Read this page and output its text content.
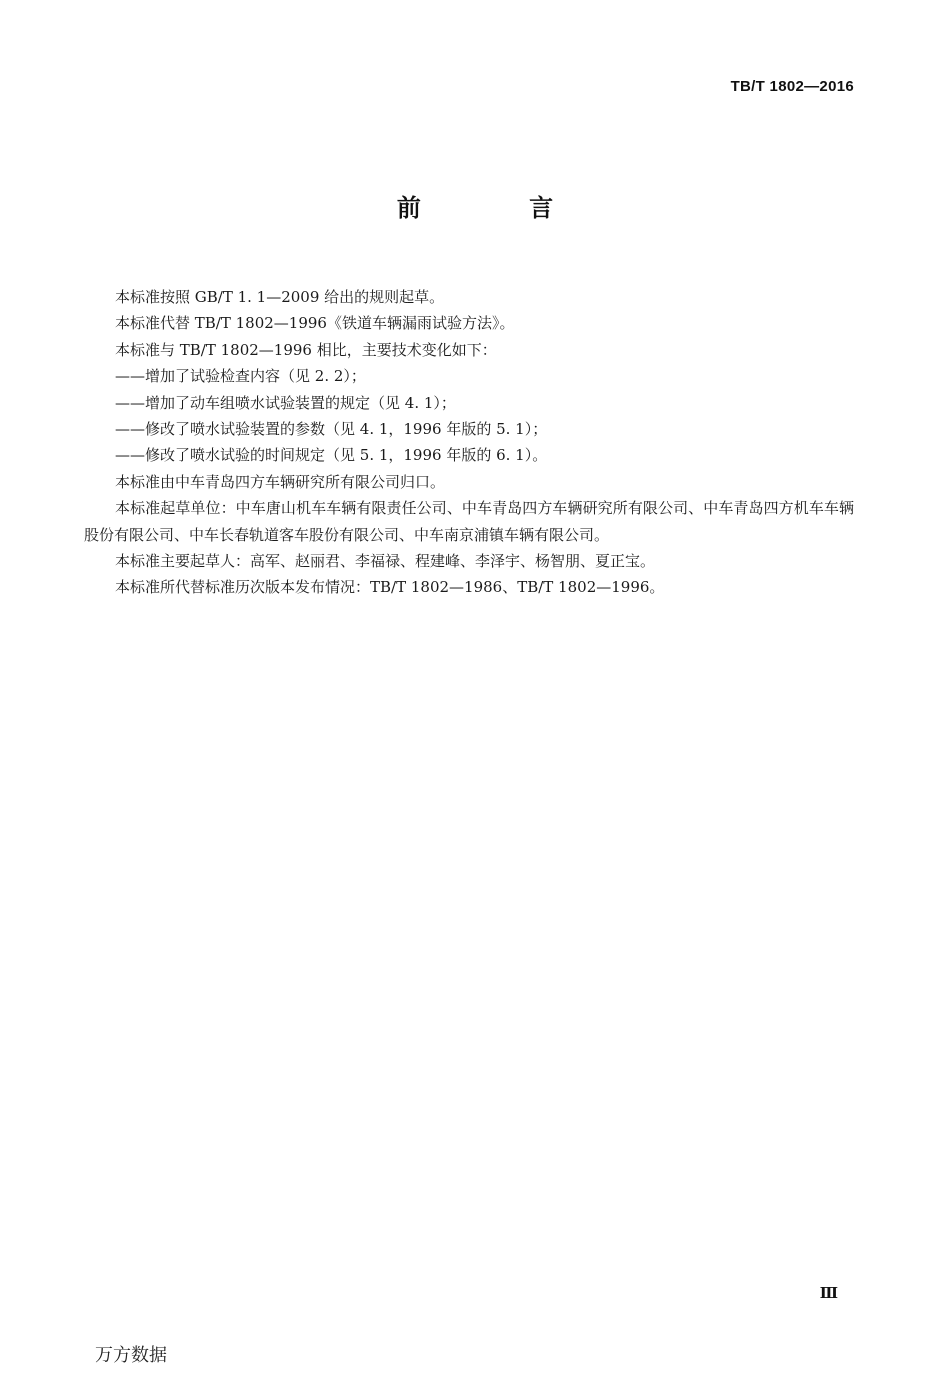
TB/T 1802—2016
前 言

本标准按照 GB/T 1. 1—2009 给出的规则起草。

本标准代替 TB/T 1802—1996《铁道车辆漏雨试验方法》。

本标准与 TB/T 1802—1996 相比，主要技术变化如下：

——增加了试验检查内容（见 2. 2）；

——增加了动车组喷水试验装置的规定（见 4. 1）；

——修改了喷水试验装置的参数（见 4. 1，1996 年版的 5. 1）；

——修改了喷水试验的时间规定（见 5. 1，1996 年版的 6. 1）。

本标准由中车青岛四方车辆研究所有限公司归口。

本标准起草单位：中车唐山机车车辆有限责任公司、中车青岛四方车辆研究所有限公司、中车青岛四方机车车辆股份有限公司、中车长春轨道客车股份有限公司、中车南京浦镇车辆有限公司。

本标准主要起草人：高军、赵丽君、李福禄、程建峰、李泽宇、杨智朋、夏正宝。

本标准所代替标准历次版本发布情况：TB/T 1802—1986、TB/T 1802—1996。

Ⅲ
万方数据
